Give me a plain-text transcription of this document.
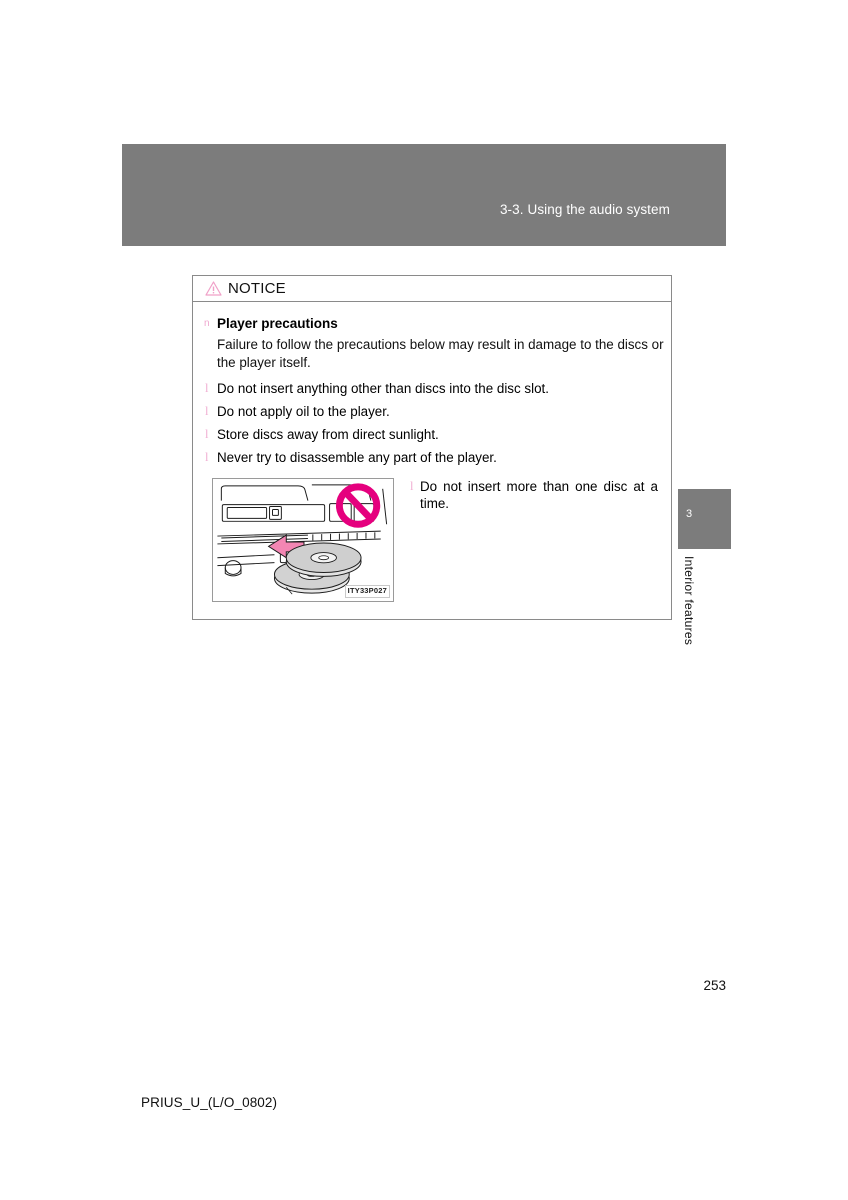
3-3. Using the audio system
NOTICE
n Player precautions

Failure to follow the precautions below may result in damage to the discs or the player itself.

l Do not insert anything other than discs into the disc slot.
l Do not apply oil to the player.
l Store discs away from direct sunlight.
l Never try to disassemble any part of the player.
ITY33P027
l Do not insert more than one disc at a time.
3
Interior features
253
PRIUS_U_(L/O_0802)
